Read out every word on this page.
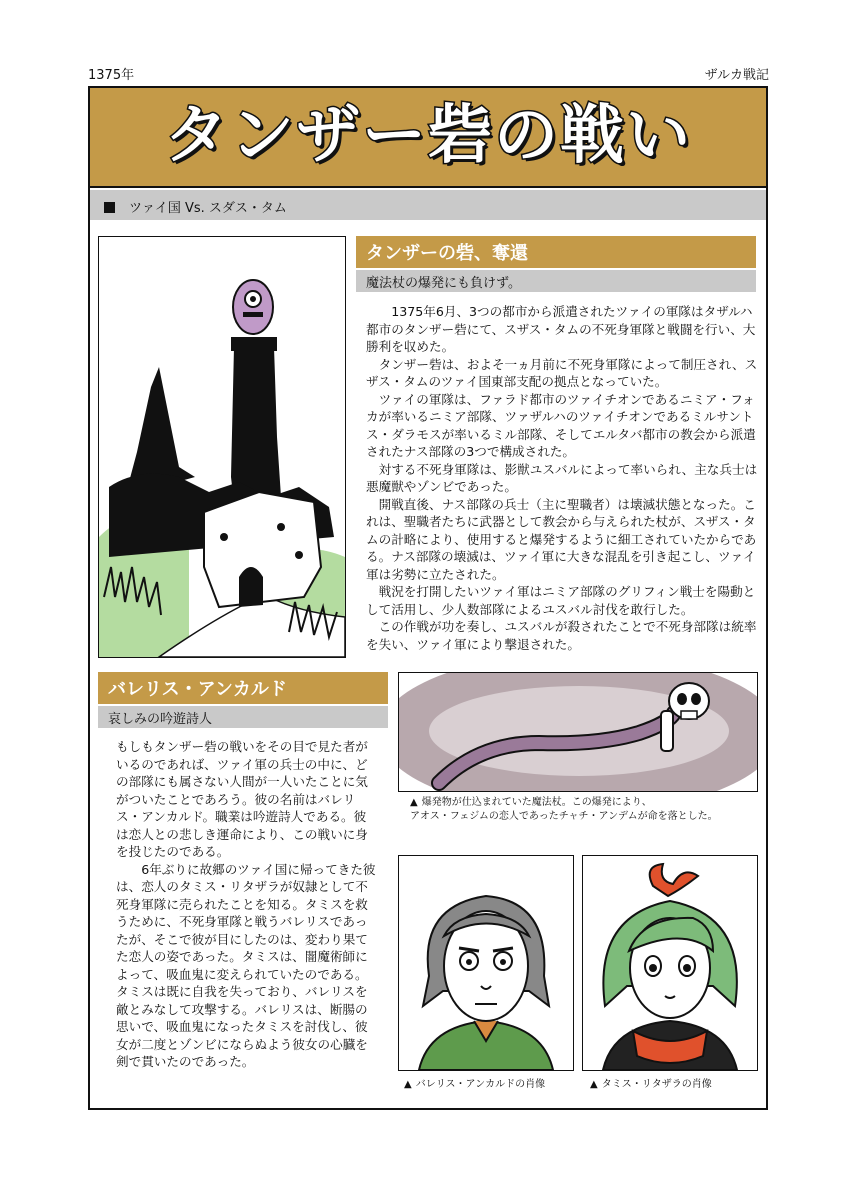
1375年	ザルカ戦記
タンザー砦の戦い
ツァイ国 Vs. スダス・タム
タンザーの砦、奪還
魔法杖の爆発にも負けず。

1375年6月、3つの都市から派遣されたツァイの軍隊はタザルハ都市のタンザー砦にて、スザス・タムの不死身軍隊と戦闘を行い、大勝利を収めた。

タンザー砦は、およそ一ヵ月前に不死身軍隊によって制圧され、スザス・タムのツァイ国東部支配の拠点となっていた。

ツァイの軍隊は、ファラド都市のツァイチオンであるニミア・フォカが率いるニミア部隊、ツァザルハのツァイチオンであるミルサントス・ダラモスが率いるミル部隊、そしてエルタバ都市の教会から派遣されたナス部隊の3つで構成された。

対する不死身軍隊は、影獣ユスバルによって率いられ、主な兵士は悪魔獣やゾンビであった。

開戦直後、ナス部隊の兵士（主に聖職者）は壊滅状態となった。これは、聖職者たちに武器として教会から与えられた杖が、スザス・タムの計略により、使用すると爆発するように細工されていたからである。ナス部隊の壊滅は、ツァイ軍に大きな混乱を引き起こし、ツァイ軍は劣勢に立たされた。

戦況を打開したいツァイ軍はニミア部隊のグリフィン戦士を陽動として活用し、少人数部隊によるユスバル討伐を敢行した。

この作戦が功を奏し、ユスバルが殺されたことで不死身部隊は統率を失い、ツァイ軍により撃退された。

バレリス・アンカルド
哀しみの吟遊詩人

もしもタンザー砦の戦いをその目で見た者がいるのであれば、ツァイ軍の兵士の中に、どの部隊にも属さない人間が一人いたことに気がついたことであろう。彼の名前はバレリス・アンカルド。職業は吟遊詩人である。彼は恋人との悲しき運命により、この戦いに身を投じたのである。

6年ぶりに故郷のツァイ国に帰ってきた彼は、恋人のタミス・リタザラが奴隷として不死身軍隊に売られたことを知る。タミスを救うために、不死身軍隊と戦うバレリスであったが、そこで彼が目にしたのは、変わり果てた恋人の姿であった。タミスは、闇魔術師によって、吸血鬼に変えられていたのである。タミスは既に自我を失っており、バレリスを敵とみなして攻撃する。バレリスは、断腸の思いで、吸血鬼になったタミスを討伐し、彼女が二度とゾンビにならぬよう彼女の心臓を剣で貫いたのであった。

▲ 爆発物が仕込まれていた魔法杖。この爆発により、
アオス・フェジムの恋人であったチャチ・アンデムが命を落とした。
▲ バレリス・アンカルドの肖像	▲ タミス・リタザラの肖像
